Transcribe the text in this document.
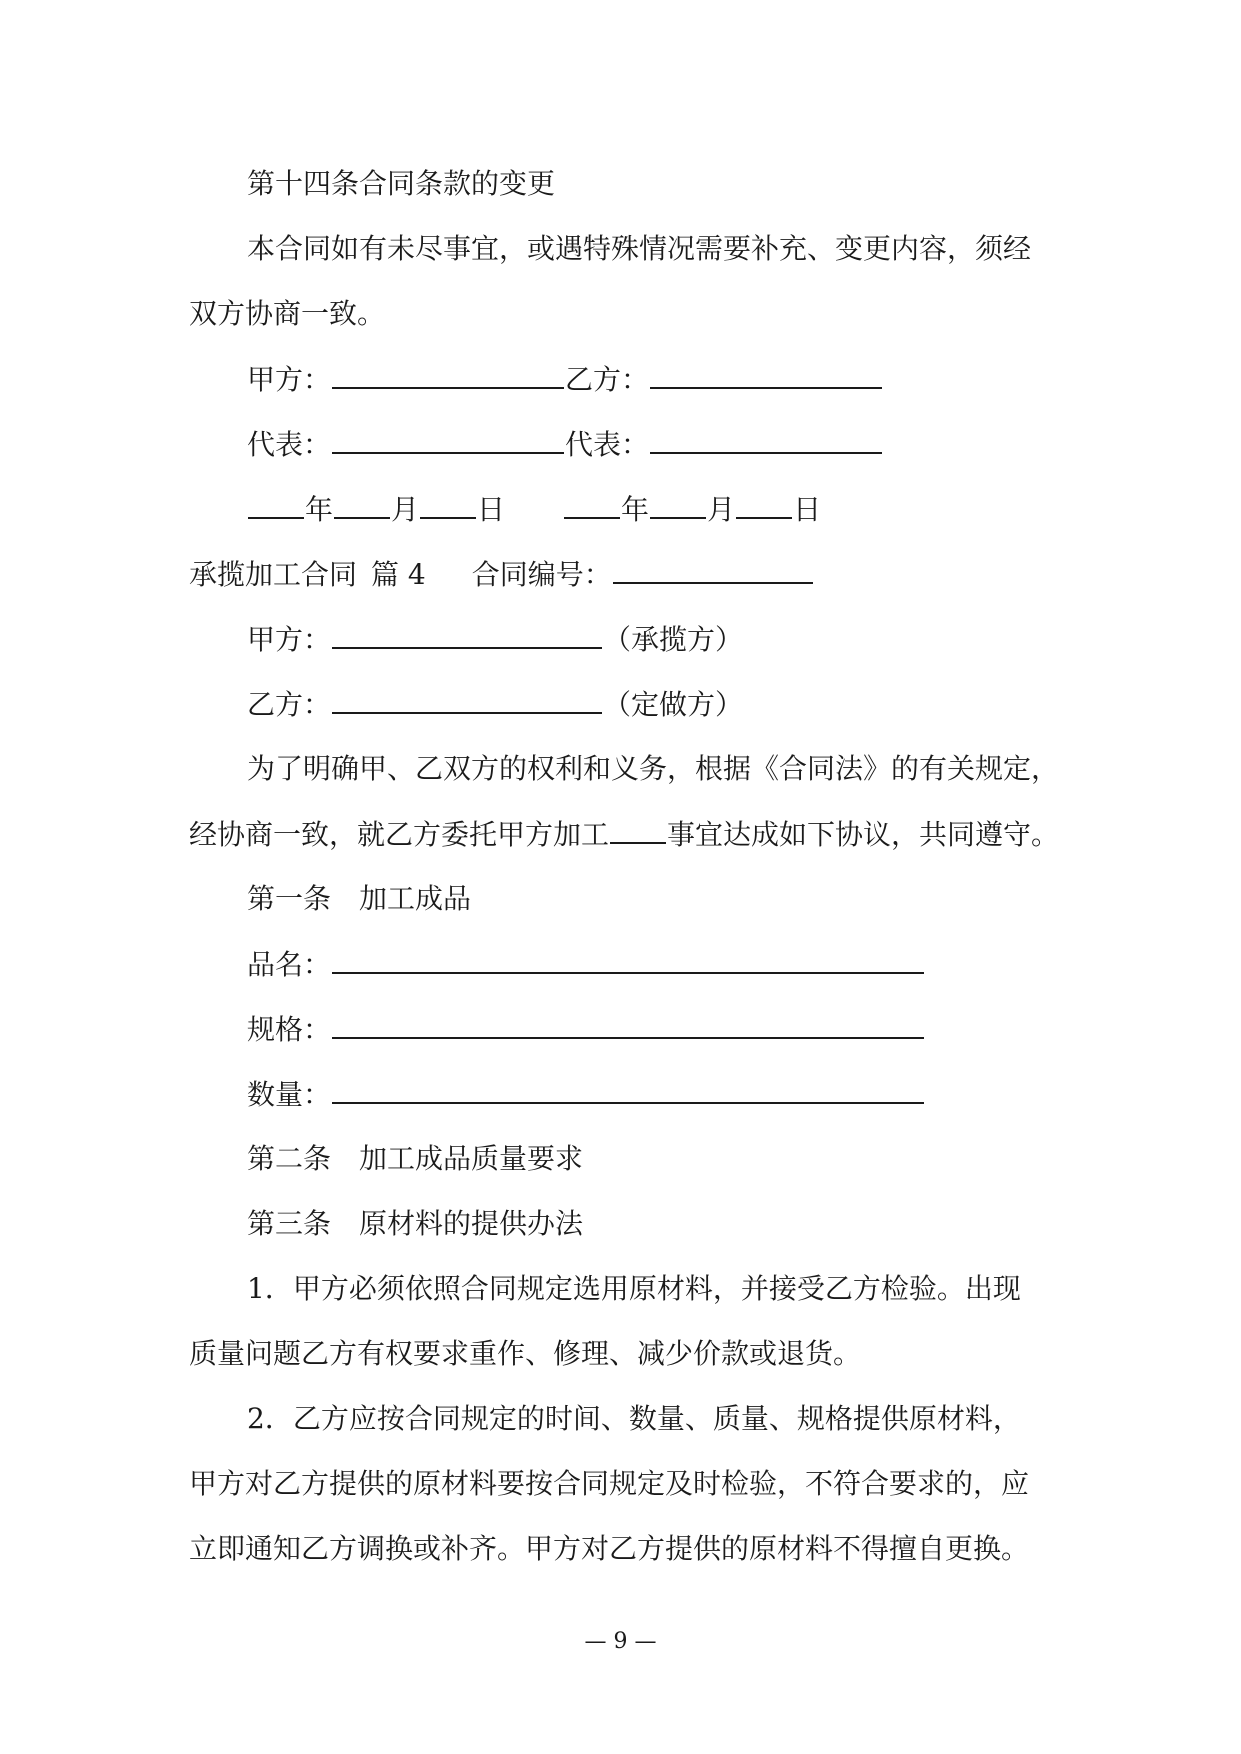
第十四条合同条款的变更
本合同如有未尽事宜，或遇特殊情况需要补充、变更内容，须经
双方协商一致。
甲方：	乙方：
代表：	代表：
年 月 日	年 月 日
承揽加工合同 篇 4 合同编号：
甲方：	（承揽方）
乙方：	（定做方）
为了明确甲、乙双方的权利和义务，根据《合同法》的有关规定，
经协商一致，就乙方委托甲方加工 事宜达成如下协议，共同遵守。
第一条　加工成品
品名：
规格：
数量：
第二条　加工成品质量要求
第三条　原材料的提供办法
1．甲方必须依照合同规定选用原材料，并接受乙方检验。出现
质量问题乙方有权要求重作、修理、减少价款或退货。
2．乙方应按合同规定的时间、数量、质量、规格提供原材料，
甲方对乙方提供的原材料要按合同规定及时检验，不符合要求的，应
立即通知乙方调换或补齐。甲方对乙方提供的原材料不得擅自更换。
— 9 —
